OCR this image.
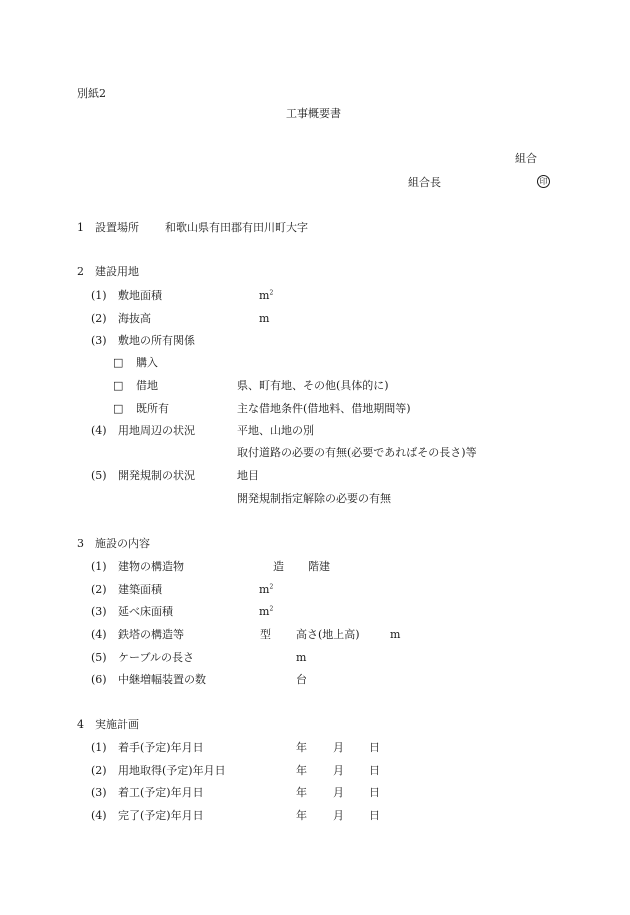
別紙2
工事概要書
組合
組合長	印
1　設置場所 和歌山県有田郡有田川町大字
2　建設用地
(1) 敷地面積	$m^2$
(2) 海抜高	m
(3) 敷地の所有関係
□ 購入
□ 借地	県、町有地、その他(具体的に)
□ 既所有	主な借地条件(借地料、借地期間等)
(4) 用地周辺の状況	平地、山地の別
取付道路の必要の有無(必要であればその長さ)等
(5) 開発規制の状況	地目
開発規制指定解除の必要の有無
3　施設の内容
(1) 建物の構造物	造 階建
(2) 建築面積	$m^2$
(3) 延べ床面積	$m^2$
(4) 鉄塔の構造等	型 高さ(地上高)	m
(5) ケーブルの長さ	m
(6) 中継増幅装置の数	台
4　実施計画
(1) 着手(予定)年月日	年 月 日
(2) 用地取得(予定)年月日	年 月 日
(3) 着工(予定)年月日	年 月 日
(4) 完了(予定)年月日	年 月 日
